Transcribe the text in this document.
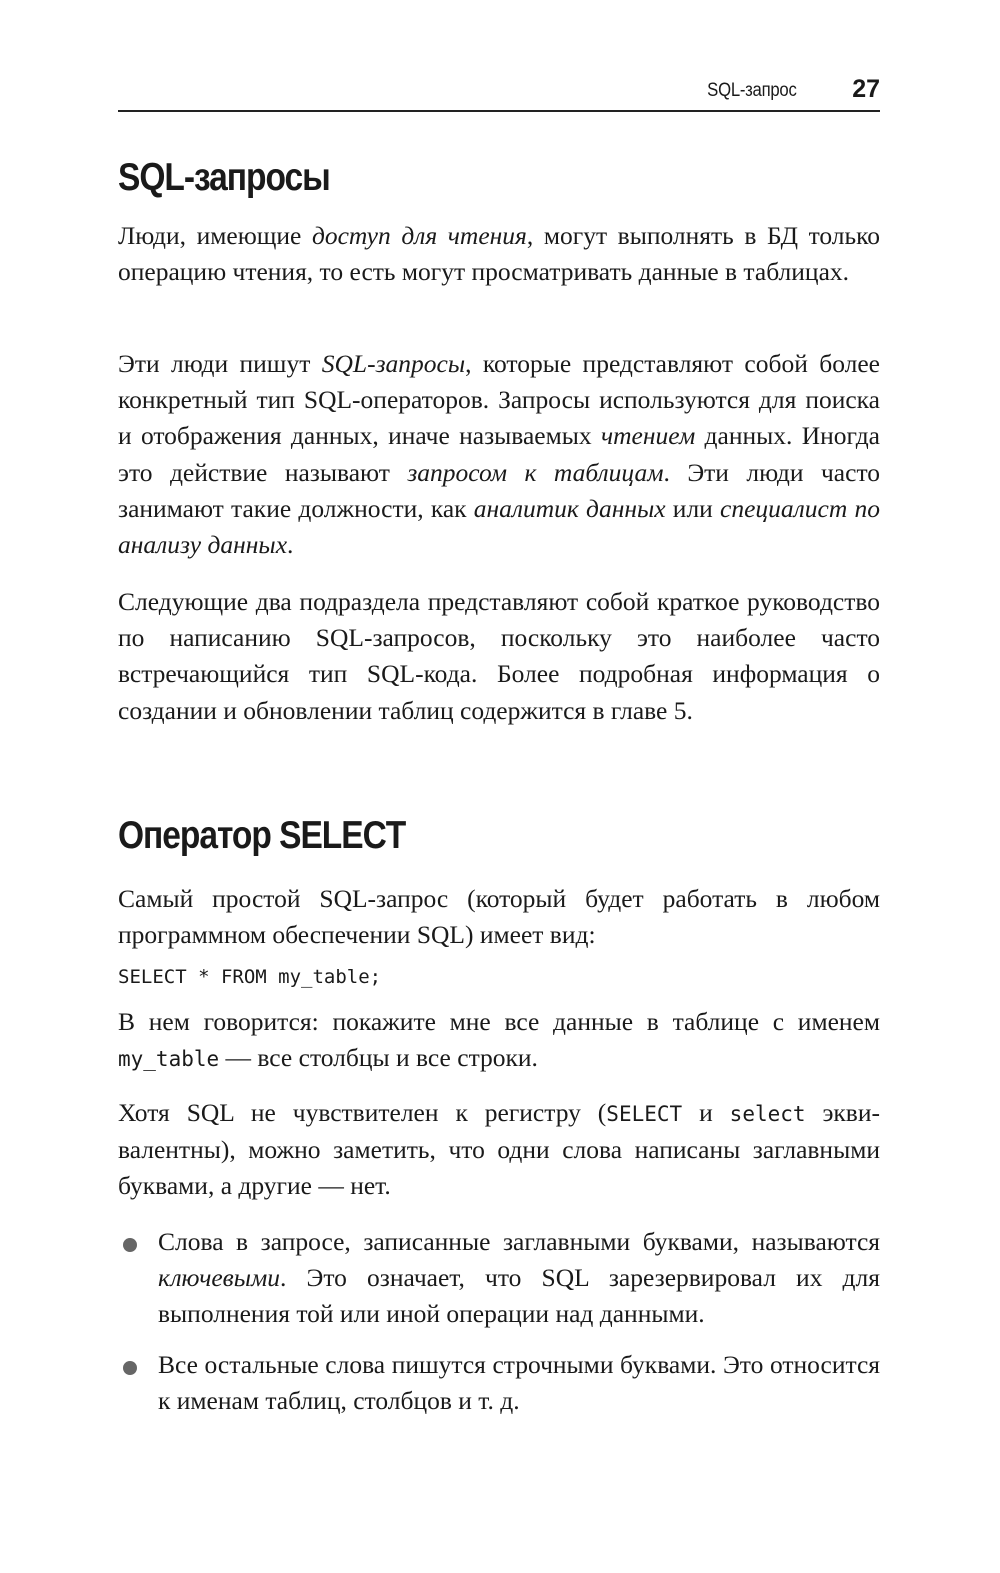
SQL-запрос 27
SQL-запросы

Люди, имеющие доступ для чтения, могут выполнять в БД только операцию чтения, то есть могут просматривать данные в таблицах.

Эти люди пишут SQL-запросы, которые представляют собой более конкретный тип SQL-операторов. Запросы используются для поиска и отображения данных, иначе называемых чтением данных. Иногда это действие называют запросом к таблицам. Эти люди часто занимают такие должности, как аналитик данных или специалист по анализу данных.

Следующие два подраздела представляют собой краткое руководство по написанию SQL-запросов, поскольку это наиболее часто встречающийся тип SQL-кода. Более подробная информация о создании и обновлении таблиц содержится в главе 5.

Оператор SELECT

Самый простой SQL-запрос (который будет работать в любом программном обеспечении SQL) имеет вид:

SELECT * FROM my_table;

В нем говорится: покажите мне все данные в таблице с именем my_table — все столбцы и все строки.

Хотя SQL не чувствителен к регистру (SELECT и select эквивалентны), можно заметить, что одни слова написаны заглавными буквами, а другие — нет.

Слова в запросе, записанные заглавными буквами, называются ключевыми. Это означает, что SQL зарезервировал их для выполнения той или иной операции над данными.

Все остальные слова пишутся строчными буквами. Это относится к именам таблиц, столбцов и т. д.
